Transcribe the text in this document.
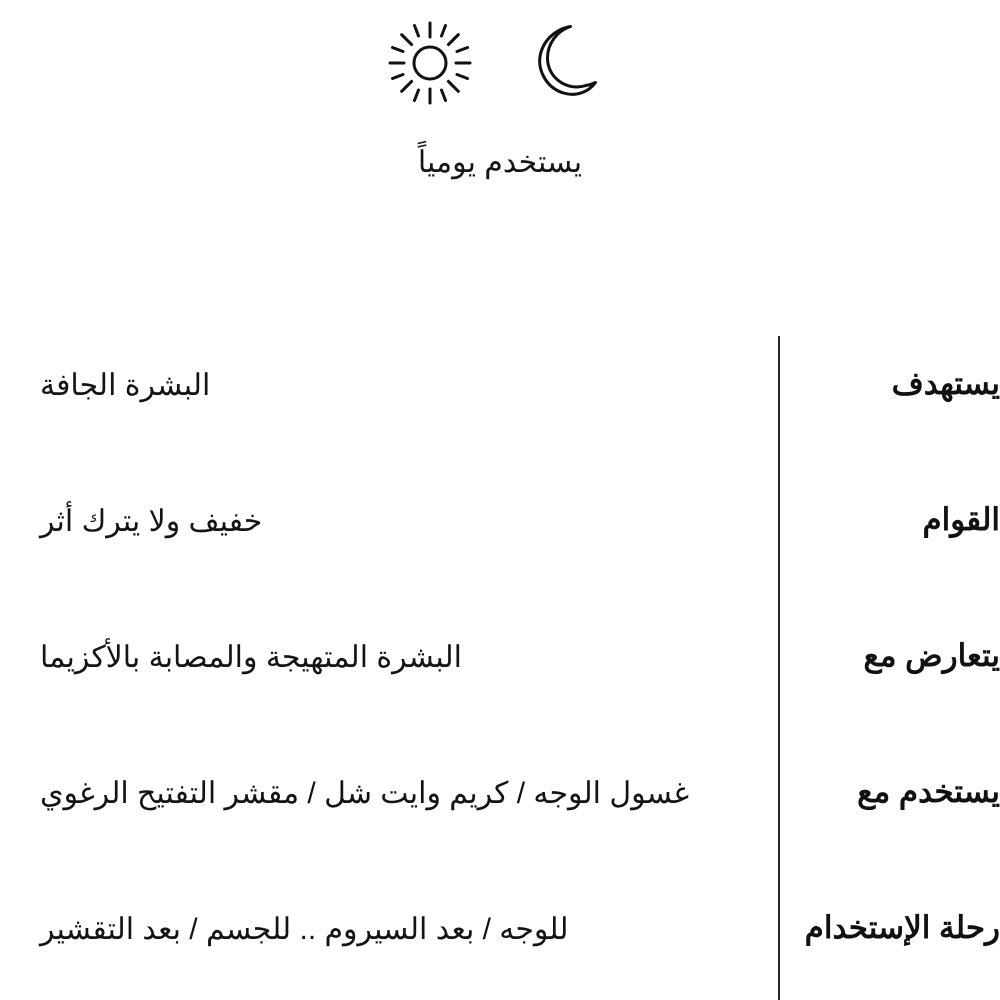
يستخدم يومياً
يستهدف
البشرة الجافة
القوام
خفيف ولا يترك أثر
يتعارض مع
البشرة المتهيجة والمصابة بالأكزيما
يستخدم مع
غسول الوجه / كريم وايت شل / مقشر التفتيح الرغوي
رحلة الإستخدام
للوجه / بعد السيروم .. للجسم / بعد التقشير
